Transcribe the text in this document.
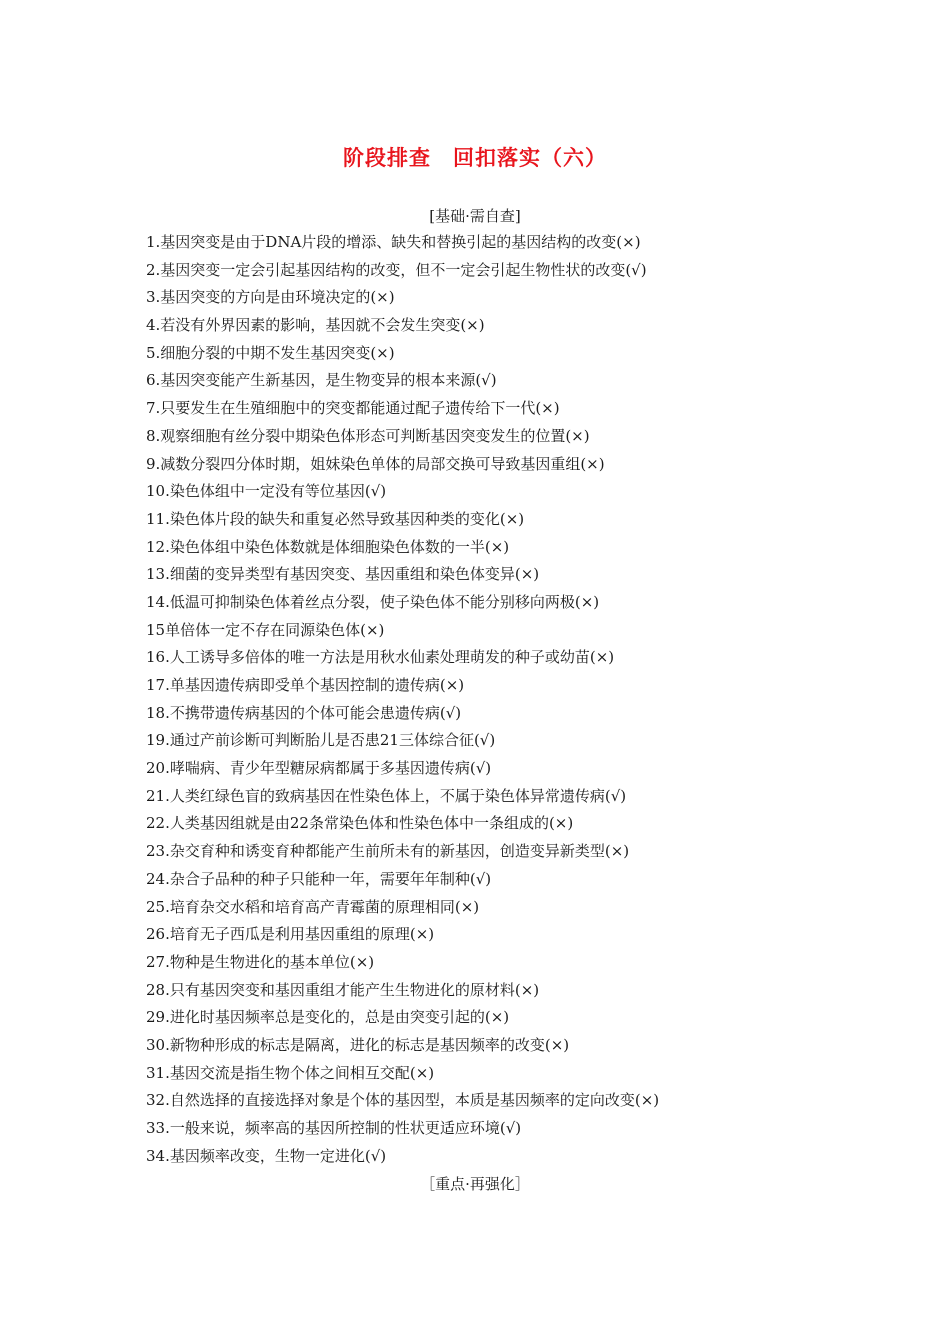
阶段排查　回扣落实（六）
[基础·需自查]
1.基因突变是由于DNA片段的增添、缺失和替换引起的基因结构的改变(×)
2.基因突变一定会引起基因结构的改变，但不一定会引起生物性状的改变(√)
3.基因突变的方向是由环境决定的(×)
4.若没有外界因素的影响，基因就不会发生突变(×)
5.细胞分裂的中期不发生基因突变(×)
6.基因突变能产生新基因，是生物变异的根本来源(√)
7.只要发生在生殖细胞中的突变都能通过配子遗传给下一代(×)
8.观察细胞有丝分裂中期染色体形态可判断基因突变发生的位置(×)
9.减数分裂四分体时期，姐妹染色单体的局部交换可导致基因重组(×)
10.染色体组中一定没有等位基因(√)
11.染色体片段的缺失和重复必然导致基因种类的变化(×)
12.染色体组中染色体数就是体细胞染色体数的一半(×)
13.细菌的变异类型有基因突变、基因重组和染色体变异(×)
14.低温可抑制染色体着丝点分裂，使子染色体不能分别移向两极(×)
15单倍体一定不存在同源染色体(×)
16.人工诱导多倍体的唯一方法是用秋水仙素处理萌发的种子或幼苗(×)
17.单基因遗传病即受单个基因控制的遗传病(×)
18.不携带遗传病基因的个体可能会患遗传病(√)
19.通过产前诊断可判断胎儿是否患21三体综合征(√)
20.哮喘病、青少年型糖尿病都属于多基因遗传病(√)
21.人类红绿色盲的致病基因在性染色体上，不属于染色体异常遗传病(√)
22.人类基因组就是由22条常染色体和性染色体中一条组成的(×)
23.杂交育种和诱变育种都能产生前所未有的新基因，创造变异新类型(×)
24.杂合子品种的种子只能种一年，需要年年制种(√)
25.培育杂交水稻和培育高产青霉菌的原理相同(×)
26.培育无子西瓜是利用基因重组的原理(×)
27.物种是生物进化的基本单位(×)
28.只有基因突变和基因重组才能产生生物进化的原材料(×)
29.进化时基因频率总是变化的，总是由突变引起的(×)
30.新物种形成的标志是隔离，进化的标志是基因频率的改变(×)
31.基因交流是指生物个体之间相互交配(×)
32.自然选择的直接选择对象是个体的基因型，本质是基因频率的定向改变(×)
33.一般来说，频率高的基因所控制的性状更适应环境(√)
34.基因频率改变，生物一定进化(√)
［重点·再强化］
